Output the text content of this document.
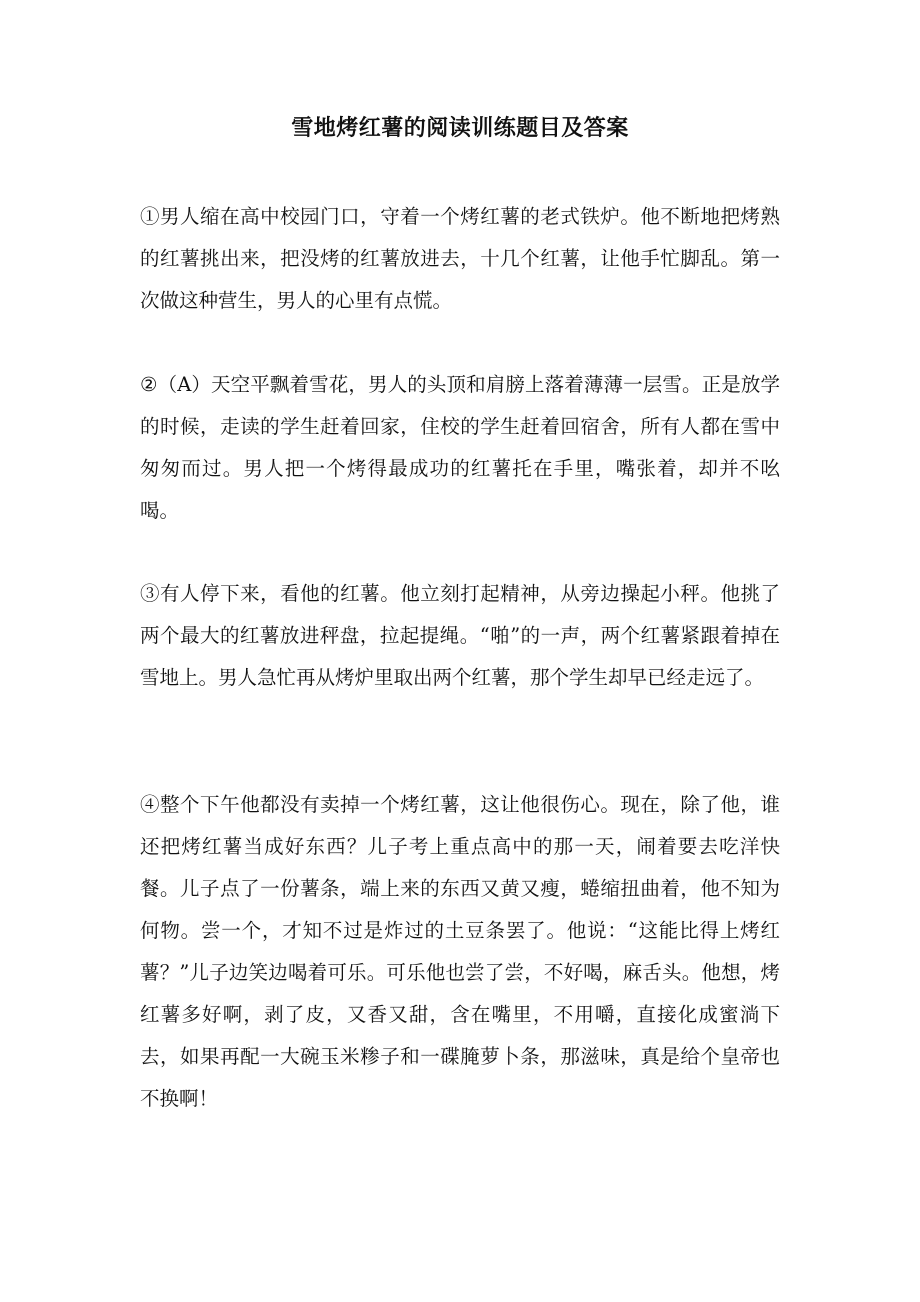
雪地烤红薯的阅读训练题目及答案

①男人缩在高中校园门口，守着一个烤红薯的老式铁炉。他不断地把烤熟的红薯挑出来，把没烤的红薯放进去，十几个红薯，让他手忙脚乱。第一次做这种营生，男人的心里有点慌。

②（A）天空平飘着雪花，男人的头顶和肩膀上落着薄薄一层雪。正是放学的时候，走读的学生赶着回家，住校的学生赶着回宿舍，所有人都在雪中匆匆而过。男人把一个烤得最成功的红薯托在手里，嘴张着，却并不吆喝。

③有人停下来，看他的红薯。他立刻打起精神，从旁边操起小秤。他挑了两个最大的红薯放进秤盘，拉起提绳。“啪”的一声，两个红薯紧跟着掉在雪地上。男人急忙再从烤炉里取出两个红薯，那个学生却早已经走远了。

④整个下午他都没有卖掉一个烤红薯，这让他很伤心。现在，除了他，谁还把烤红薯当成好东西？儿子考上重点高中的那一天，闹着要去吃洋快餐。儿子点了一份薯条，端上来的东西又黄又瘦，蜷缩扭曲着，他不知为何物。尝一个，才知不过是炸过的土豆条罢了。他说：“这能比得上烤红薯？”儿子边笑边喝着可乐。可乐他也尝了尝，不好喝，麻舌头。他想，烤红薯多好啊，剥了皮，又香又甜，含在嘴里，不用嚼，直接化成蜜淌下去，如果再配一大碗玉米糁子和一碟腌萝卜条，那滋味，真是给个皇帝也不换啊！
